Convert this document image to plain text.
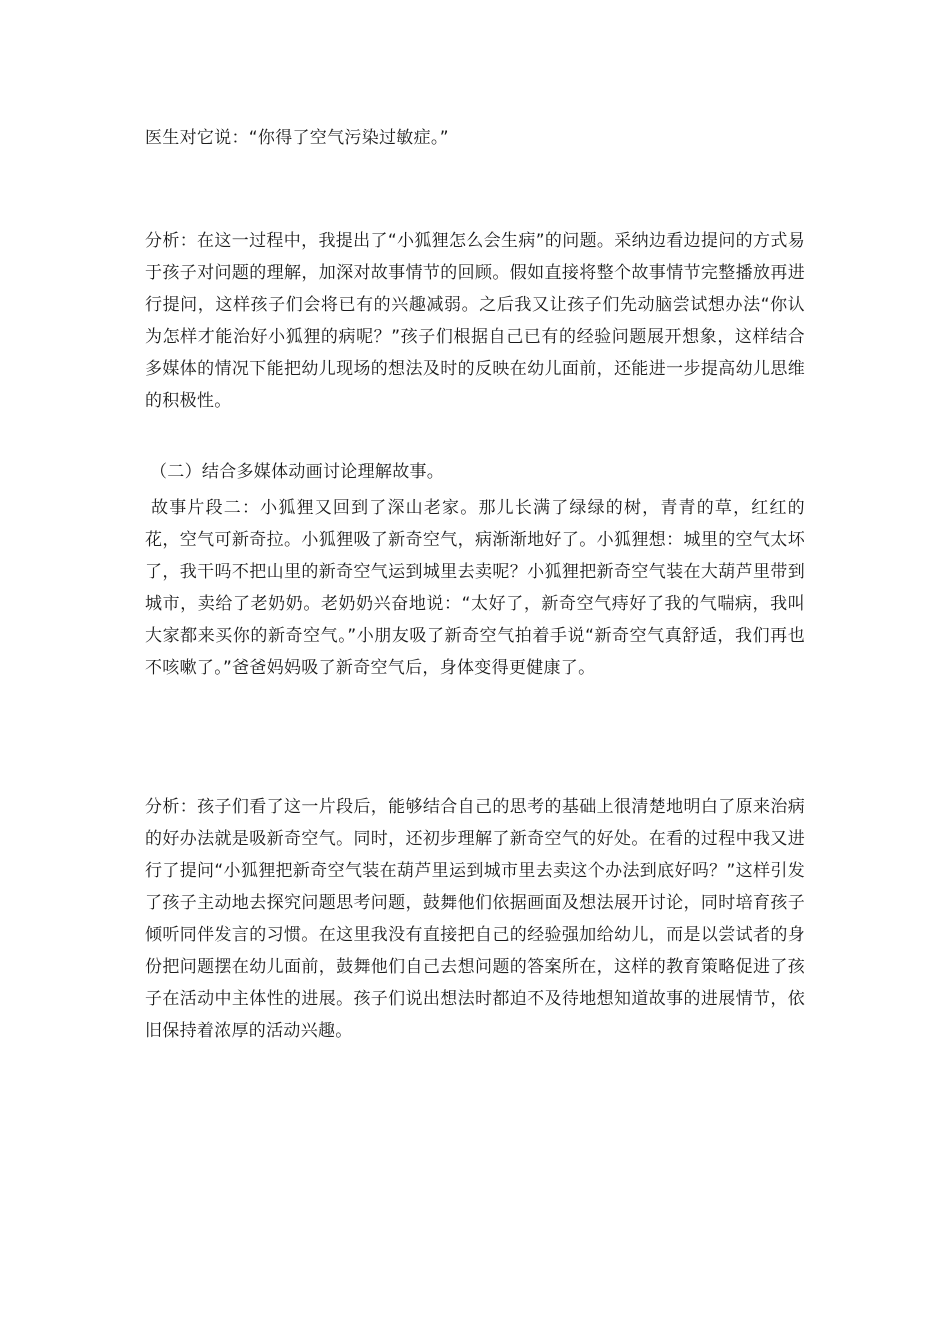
医生对它说：“你得了空气污染过敏症。”

分析：在这一过程中，我提出了“小狐狸怎么会生病”的问题。采纳边看边提问的方式易于孩子对问题的理解，加深对故事情节的回顾。假如直接将整个故事情节完整播放再进行提问，这样孩子们会将已有的兴趣减弱。之后我又让孩子们先动脑尝试想办法“你认为怎样才能治好小狐狸的病呢？”孩子们根据自己已有的经验问题展开想象，这样结合多媒体的情况下能把幼儿现场的想法及时的反映在幼儿面前，还能进一步提高幼儿思维的积极性。

（二）结合多媒体动画讨论理解故事。

故事片段二：小狐狸又回到了深山老家。那儿长满了绿绿的树，青青的草，红红的花，空气可新奇拉。小狐狸吸了新奇空气，病渐渐地好了。小狐狸想：城里的空气太坏了，我干吗不把山里的新奇空气运到城里去卖呢？小狐狸把新奇空气装在大葫芦里带到城市，卖给了老奶奶。老奶奶兴奋地说：“太好了，新奇空气痔好了我的气喘病，我叫大家都来买你的新奇空气。”小朋友吸了新奇空气拍着手说“新奇空气真舒适，我们再也不咳嗽了。”爸爸妈妈吸了新奇空气后，身体变得更健康了。

分析：孩子们看了这一片段后，能够结合自己的思考的基础上很清楚地明白了原来治病的好办法就是吸新奇空气。同时，还初步理解了新奇空气的好处。在看的过程中我又进行了提问“小狐狸把新奇空气装在葫芦里运到城市里去卖这个办法到底好吗？”这样引发了孩子主动地去探究问题思考问题，鼓舞他们依据画面及想法展开讨论，同时培育孩子倾听同伴发言的习惯。在这里我没有直接把自己的经验强加给幼儿，而是以尝试者的身份把问题摆在幼儿面前，鼓舞他们自己去想问题的答案所在，这样的教育策略促进了孩子在活动中主体性的进展。孩子们说出想法时都迫不及待地想知道故事的进展情节，依旧保持着浓厚的活动兴趣。
